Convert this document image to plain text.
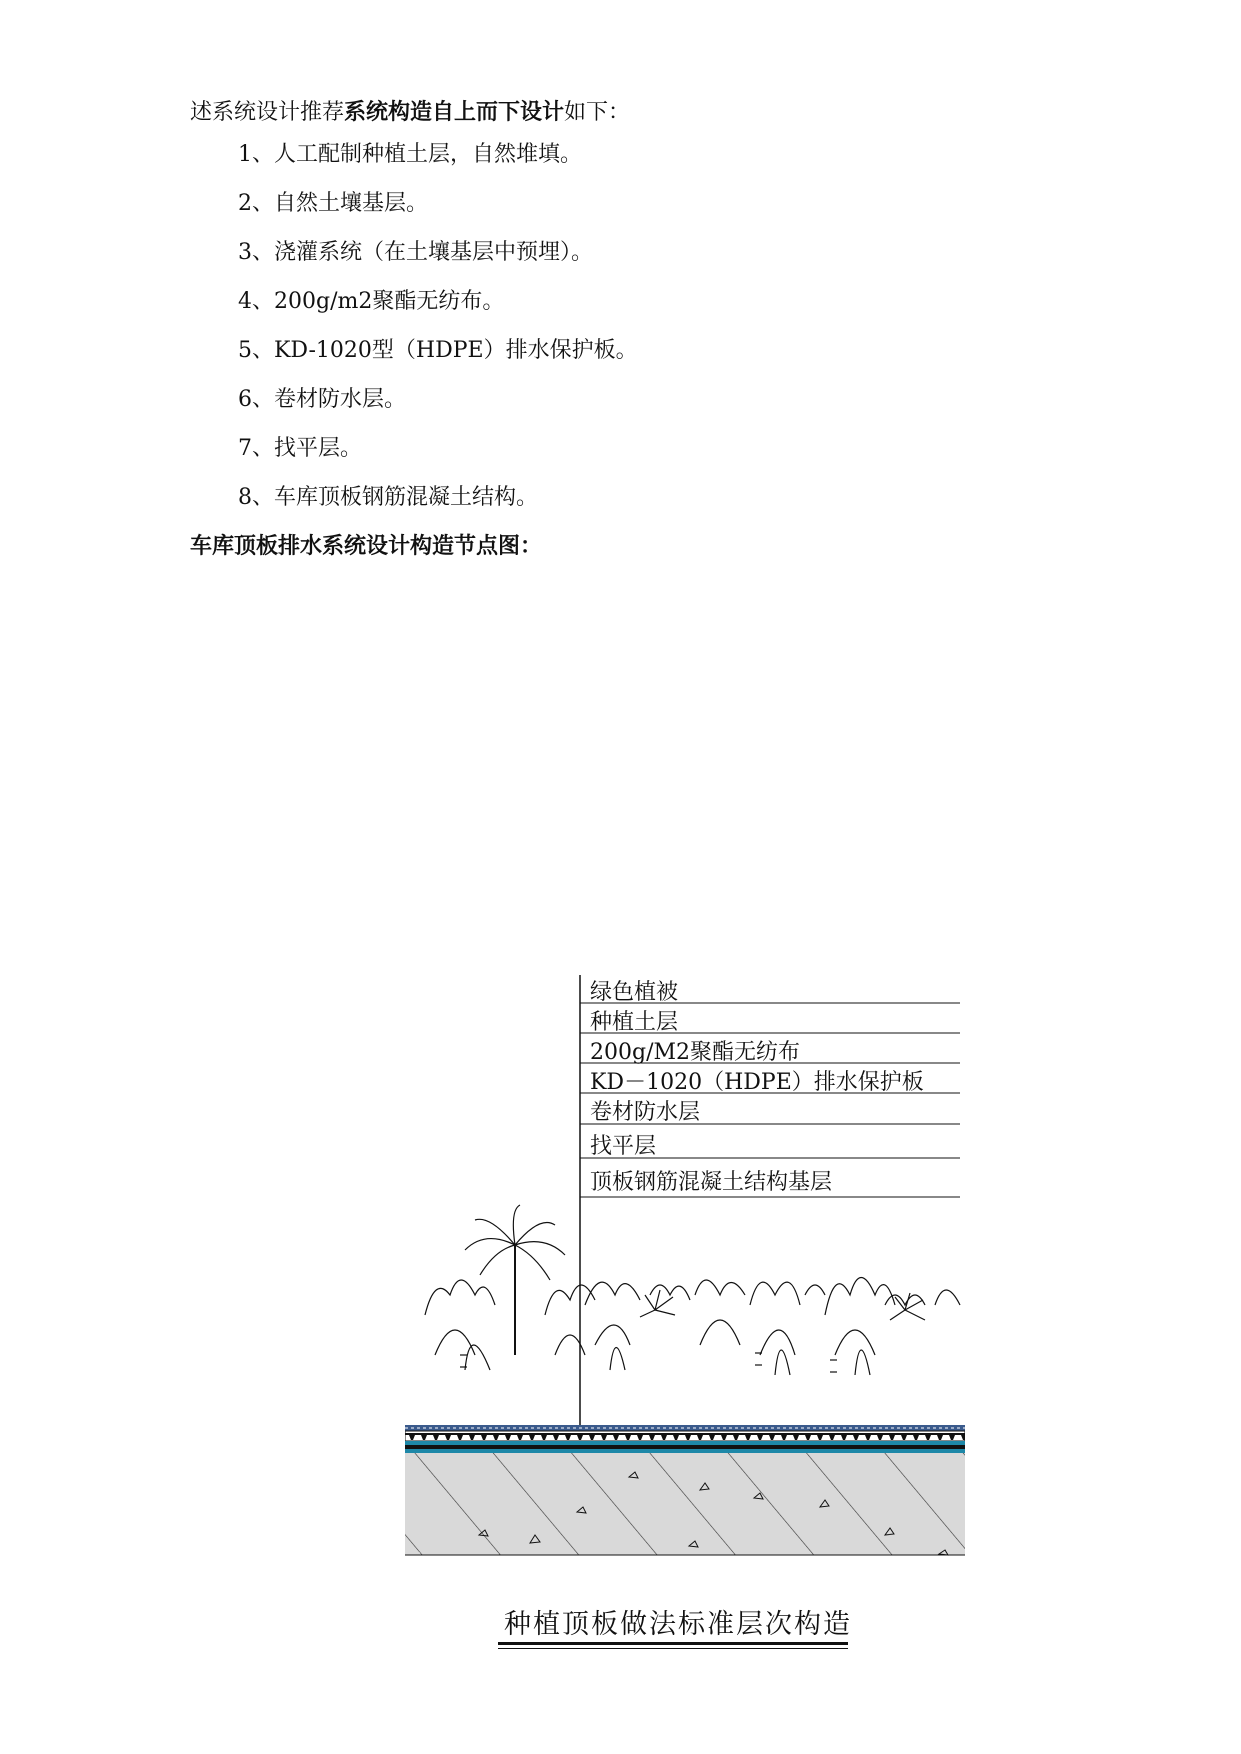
述系统设计推荐系统构造自上而下设计如下：
1、人工配制种植土层，自然堆填。
2、自然土壤基层。
3、浇灌系统（在土壤基层中预埋）。
4、200g/m2聚酯无纺布。
5、KD-1020型（HDPE）排水保护板。
6、卷材防水层。
7、找平层。
8、车库顶板钢筋混凝土结构。
车库顶板排水系统设计构造节点图：
绿色植被
种植土层
200g/M2聚酯无纺布
KD－1020（HDPE）排水保护板
卷材防水层
找平层
顶板钢筋混凝土结构基层
种植顶板做法标准层次构造
